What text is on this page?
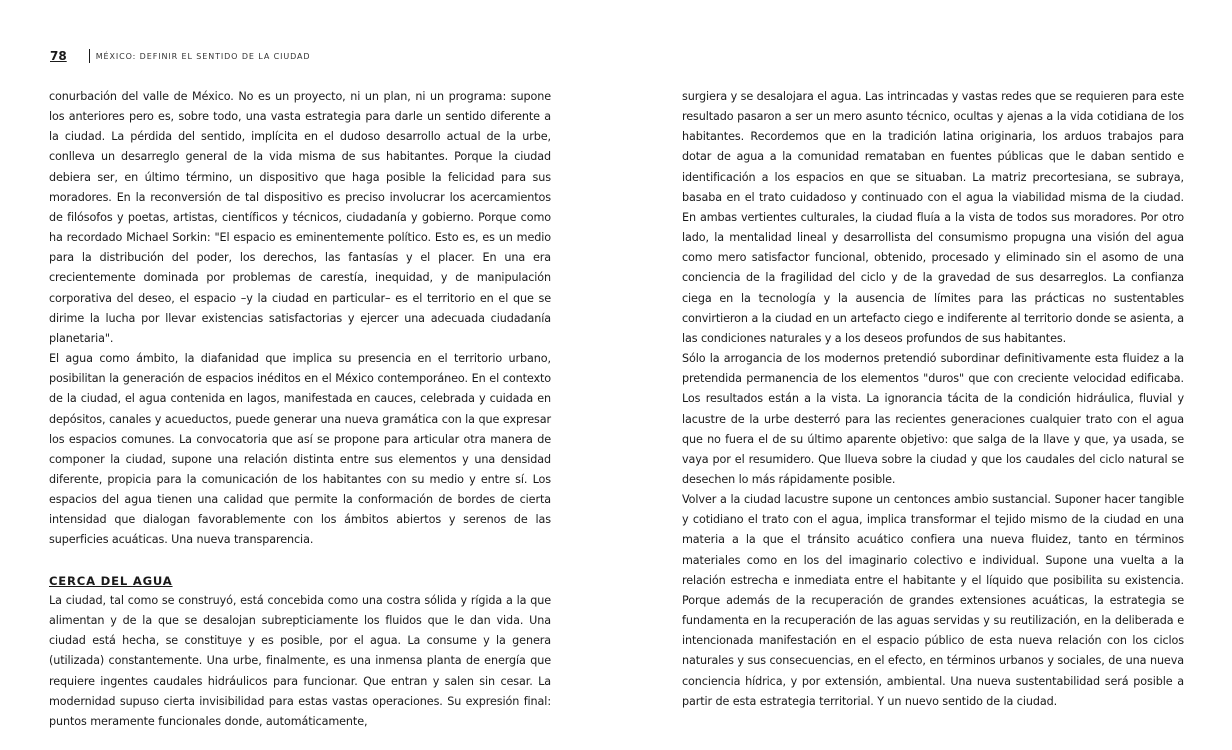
78	MÉXICO: DEFINIR EL SENTIDO DE LA CIUDAD

conurbación del valle de México. No es un proyecto, ni un plan, ni un programa: supone los anteriores pero es, sobre todo, una vasta estrategia para darle un sentido diferente a la ciudad. La pérdida del sentido, implícita en el dudoso desarrollo actual de la urbe, conlleva un desarreglo general de la vida misma de sus habitantes. Porque la ciudad debiera ser, en último término, un dispositivo que haga posible la felicidad para sus moradores. En la reconversión de tal dispositivo es preciso involucrar los acercamientos de filósofos y poetas, artistas, científicos y técnicos, ciudadanía y gobierno. Porque como ha recordado Michael Sorkin: "El espacio es eminentemente político. Esto es, es un medio para la distribución del poder, los derechos, las fantasías y el placer. En una era crecientemente dominada por problemas de carestía, inequidad, y de manipulación corporativa del deseo, el espacio –y la ciudad en particular– es el territorio en el que se dirime la lucha por llevar existencias satisfactorias y ejercer una adecuada ciudadanía planetaria".

El agua como ámbito, la diafanidad que implica su presencia en el territorio urbano, posibilitan la generación de espacios inéditos en el México contemporáneo. En el contexto de la ciudad, el agua contenida en lagos, manifestada en cauces, celebrada y cuidada en depósitos, canales y acueductos, puede generar una nueva gramática con la que expresar los espacios comunes. La convocatoria que así se propone para articular otra manera de componer la ciudad, supone una relación distinta entre sus elementos y una densidad diferente, propicia para la comunicación de los habitantes con su medio y entre sí. Los espacios del agua tienen una calidad que permite la conformación de bordes de cierta intensidad que dialogan favorablemente con los ámbitos abiertos y serenos de las superficies acuáticas. Una nueva transparencia.

CERCA DEL AGUA

La ciudad, tal como se construyó, está concebida como una costra sólida y rígida a la que alimentan y de la que se desalojan subrepticiamente los fluidos que le dan vida. Una ciudad está hecha, se constituye y es posible, por el agua. La consume y la genera (utilizada) constantemente. Una urbe, finalmente, es una inmensa planta de energía que requiere ingentes caudales hidráulicos para funcionar. Que entran y salen sin cesar. La modernidad supuso cierta invisibilidad para estas vastas operaciones. Su expresión final: puntos meramente funcionales donde, automáticamente,

surgiera y se desalojara el agua. Las intrincadas y vastas redes que se requieren para este resultado pasaron a ser un mero asunto técnico, ocultas y ajenas a la vida cotidiana de los habitantes. Recordemos que en la tradición latina originaria, los arduos trabajos para dotar de agua a la comunidad remataban en fuentes públicas que le daban sentido e identificación a los espacios en que se situaban. La matriz precortesiana, se subraya, basaba en el trato cuidadoso y continuado con el agua la viabilidad misma de la ciudad. En ambas vertientes culturales, la ciudad fluía a la vista de todos sus moradores. Por otro lado, la mentalidad lineal y desarrollista del consumismo propugna una visión del agua como mero satisfactor funcional, obtenido, procesado y eliminado sin el asomo de una conciencia de la fragilidad del ciclo y de la gravedad de sus desarreglos. La confianza ciega en la tecnología y la ausencia de límites para las prácticas no sustentables convirtieron a la ciudad en un artefacto ciego e indiferente al territorio donde se asienta, a las condiciones naturales y a los deseos profundos de sus habitantes.

Sólo la arrogancia de los modernos pretendió subordinar definitivamente esta fluidez a la pretendida permanencia de los elementos "duros" que con creciente velocidad edificaba. Los resultados están a la vista. La ignorancia tácita de la condición hidráulica, fluvial y lacustre de la urbe desterró para las recientes generaciones cualquier trato con el agua que no fuera el de su último aparente objetivo: que salga de la llave y que, ya usada, se vaya por el resumidero. Que llueva sobre la ciudad y que los caudales del ciclo natural se desechen lo más rápidamente posible.

Volver a la ciudad lacustre supone un centonces ambio sustancial. Suponer hacer tangible y cotidiano el trato con el agua, implica transformar el tejido mismo de la ciudad en una materia a la que el tránsito acuático confiera una nueva fluidez, tanto en términos materiales como en los del imaginario colectivo e individual. Supone una vuelta a la relación estrecha e inmediata entre el habitante y el líquido que posibilita su existencia. Porque además de la recuperación de grandes extensiones acuáticas, la estrategia se fundamenta en la recuperación de las aguas servidas y su reutilización, en la deliberada e intencionada manifestación en el espacio público de esta nueva relación con los ciclos naturales y sus consecuencias, en el efecto, en términos urbanos y sociales, de una nueva conciencia hídrica, y por extensión, ambiental. Una nueva sustentabilidad será posible a partir de esta estrategia territorial. Y un nuevo sentido de la ciudad.
